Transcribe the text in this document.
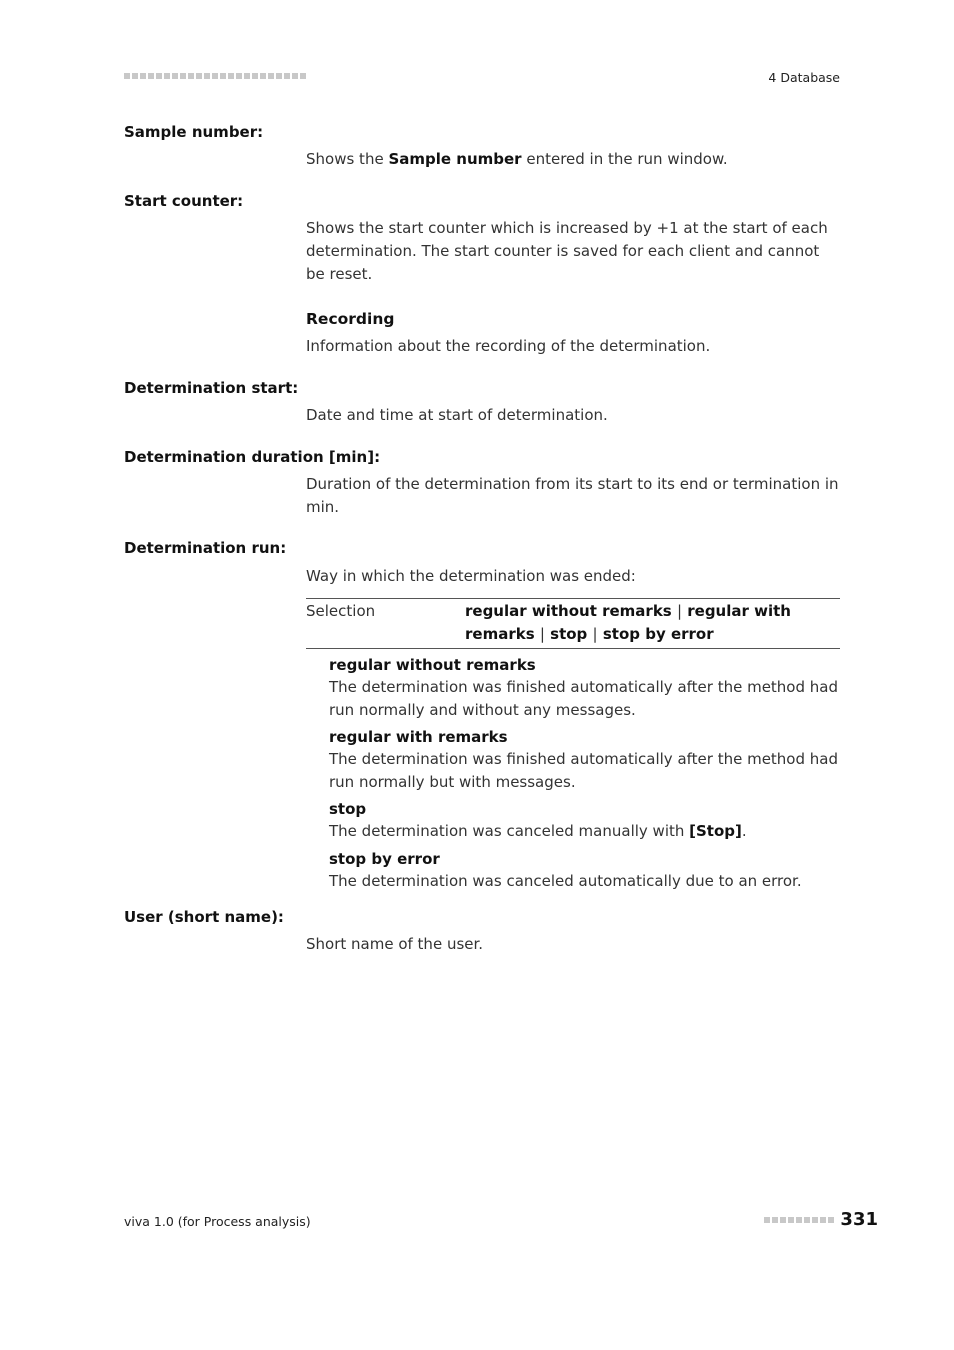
4 Database
Sample number:
Shows the Sample number entered in the run window.
Start counter:
Shows the start counter which is increased by +1 at the start of each determination. The start counter is saved for each client and cannot be reset.
Recording
Information about the recording of the determination.
Determination start:
Date and time at start of determination.
Determination duration [min]:
Duration of the determination from its start to its end or termination in min.
Determination run:
Way in which the determination was ended:
Selection	regular without remarks | regular with remarks | stop | stop by error
regular without remarks
The determination was finished automatically after the method had run normally and without any messages.
regular with remarks
The determination was finished automatically after the method had run normally but with messages.
stop
The determination was canceled manually with [Stop].
stop by error
The determination was canceled automatically due to an error.
User (short name):
Short name of the user.
viva 1.0 (for Process analysis)	331
